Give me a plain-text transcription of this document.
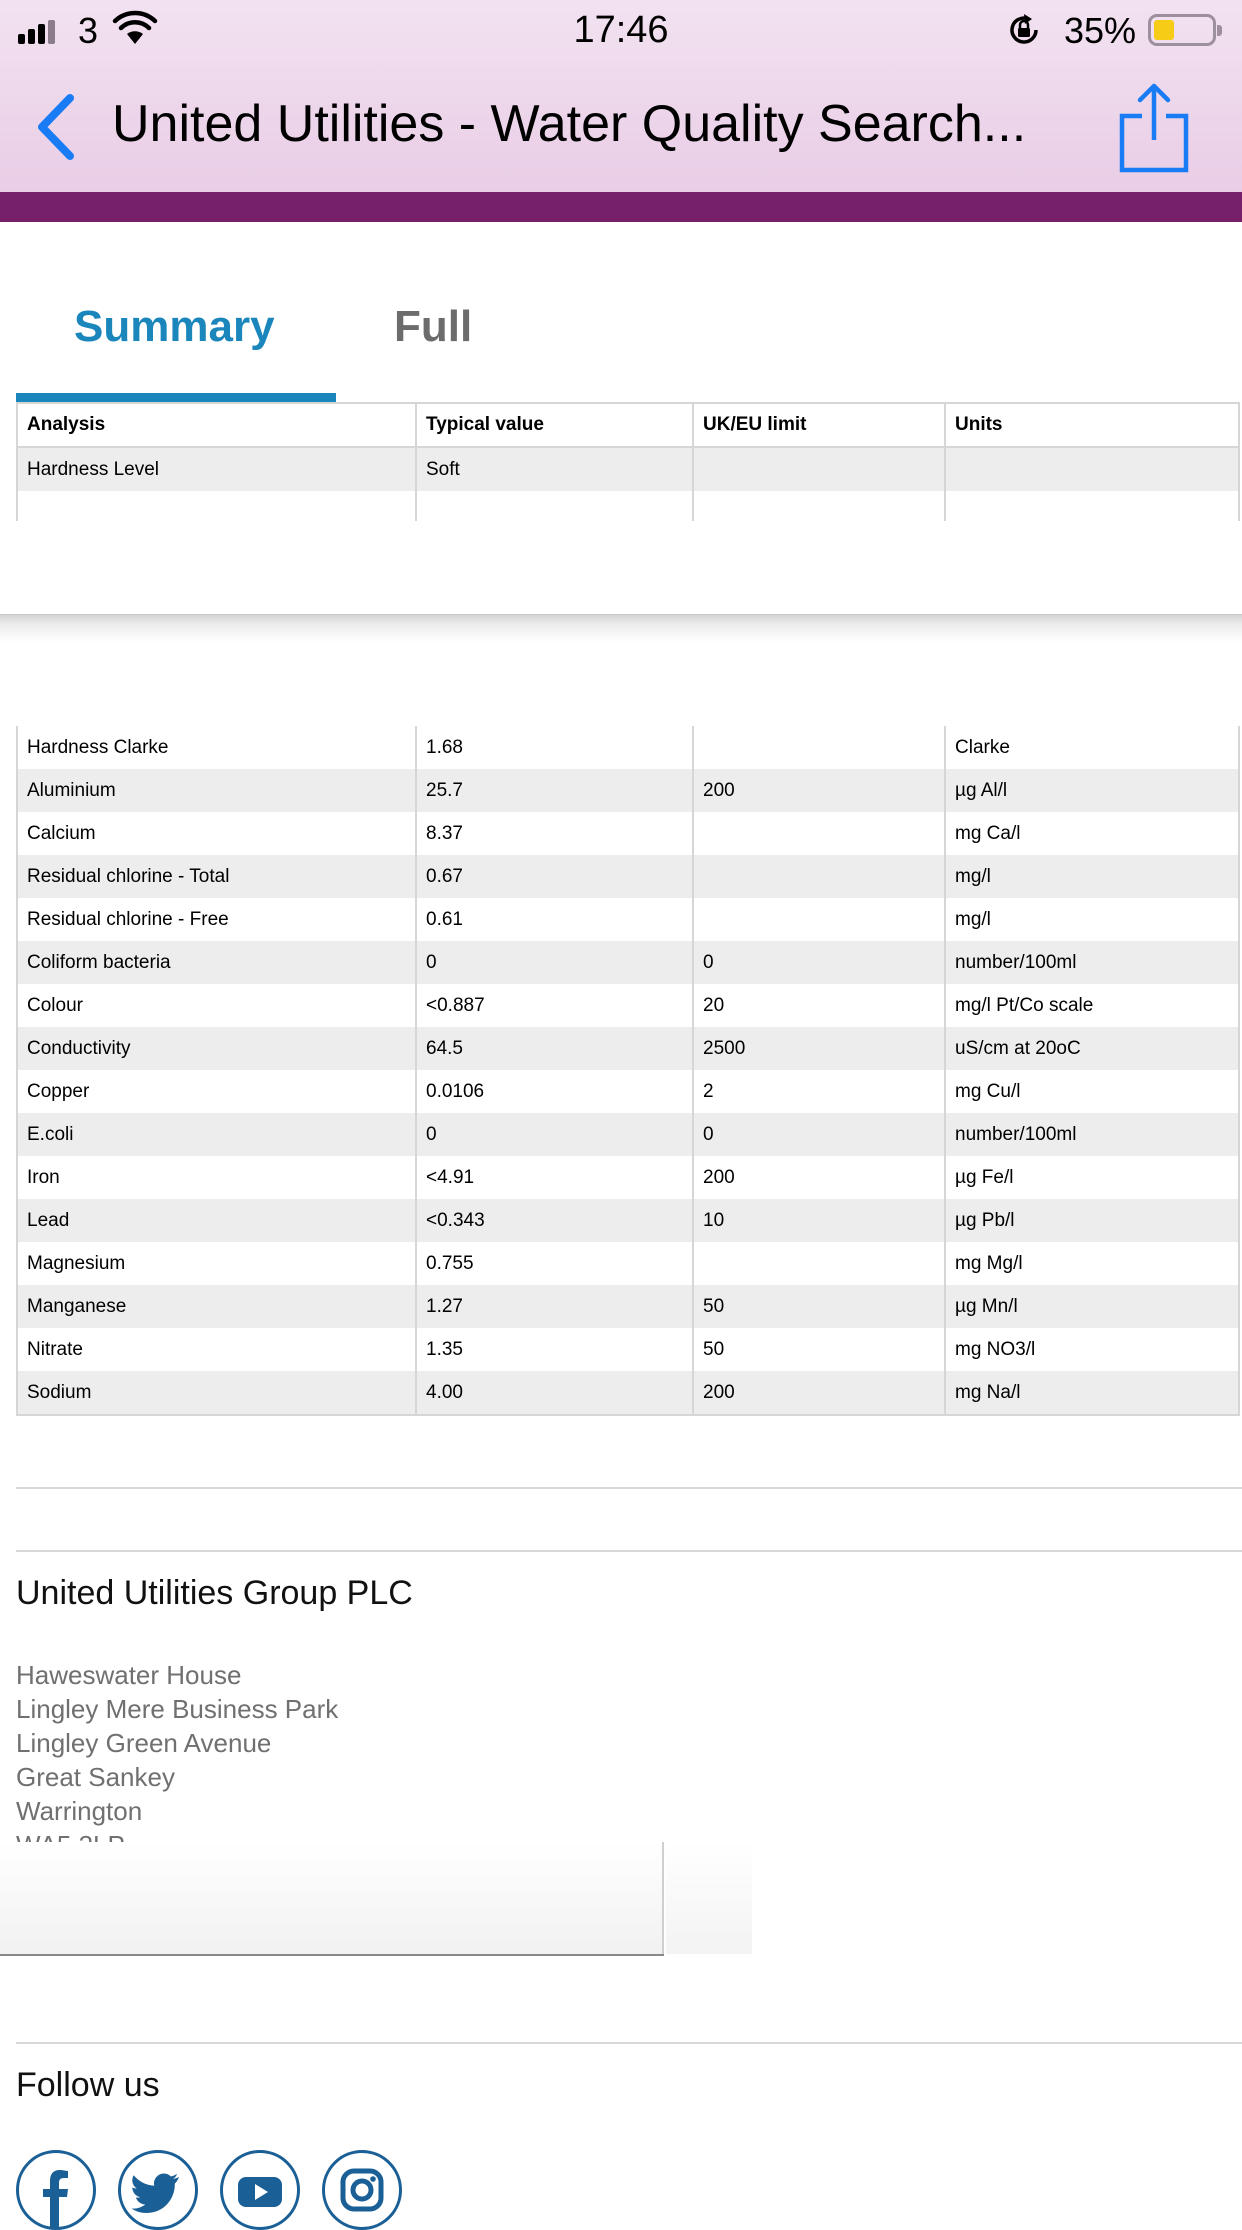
3	17:46	35%
United Utilities - Water Quality Search...
Summary	Full
Analysis	Typical value	UK/EU limit	Units
Hardness Level	Soft		

Hardness Clarke	1.68		Clarke
Aluminium	25.7	200	µg Al/l
Calcium	8.37		mg Ca/l
Residual chlorine - Total	0.67		mg/l
Residual chlorine - Free	0.61		mg/l
Coliform bacteria	0	0	number/100ml
Colour	<0.887	20	mg/l Pt/Co scale
Conductivity	64.5	2500	uS/cm at 20oC
Copper	0.0106	2	mg Cu/l
E.coli	0	0	number/100ml
Iron	<4.91	200	µg Fe/l
Lead	<0.343	10	µg Pb/l
Magnesium	0.755		mg Mg/l
Manganese	1.27	50	µg Mn/l
Nitrate	1.35	50	mg NO3/l
Sodium	4.00	200	mg Na/l
United Utilities Group PLC
Haweswater House
Lingley Mere Business Park
Lingley Green Avenue
Great Sankey
Warrington
Follow us
